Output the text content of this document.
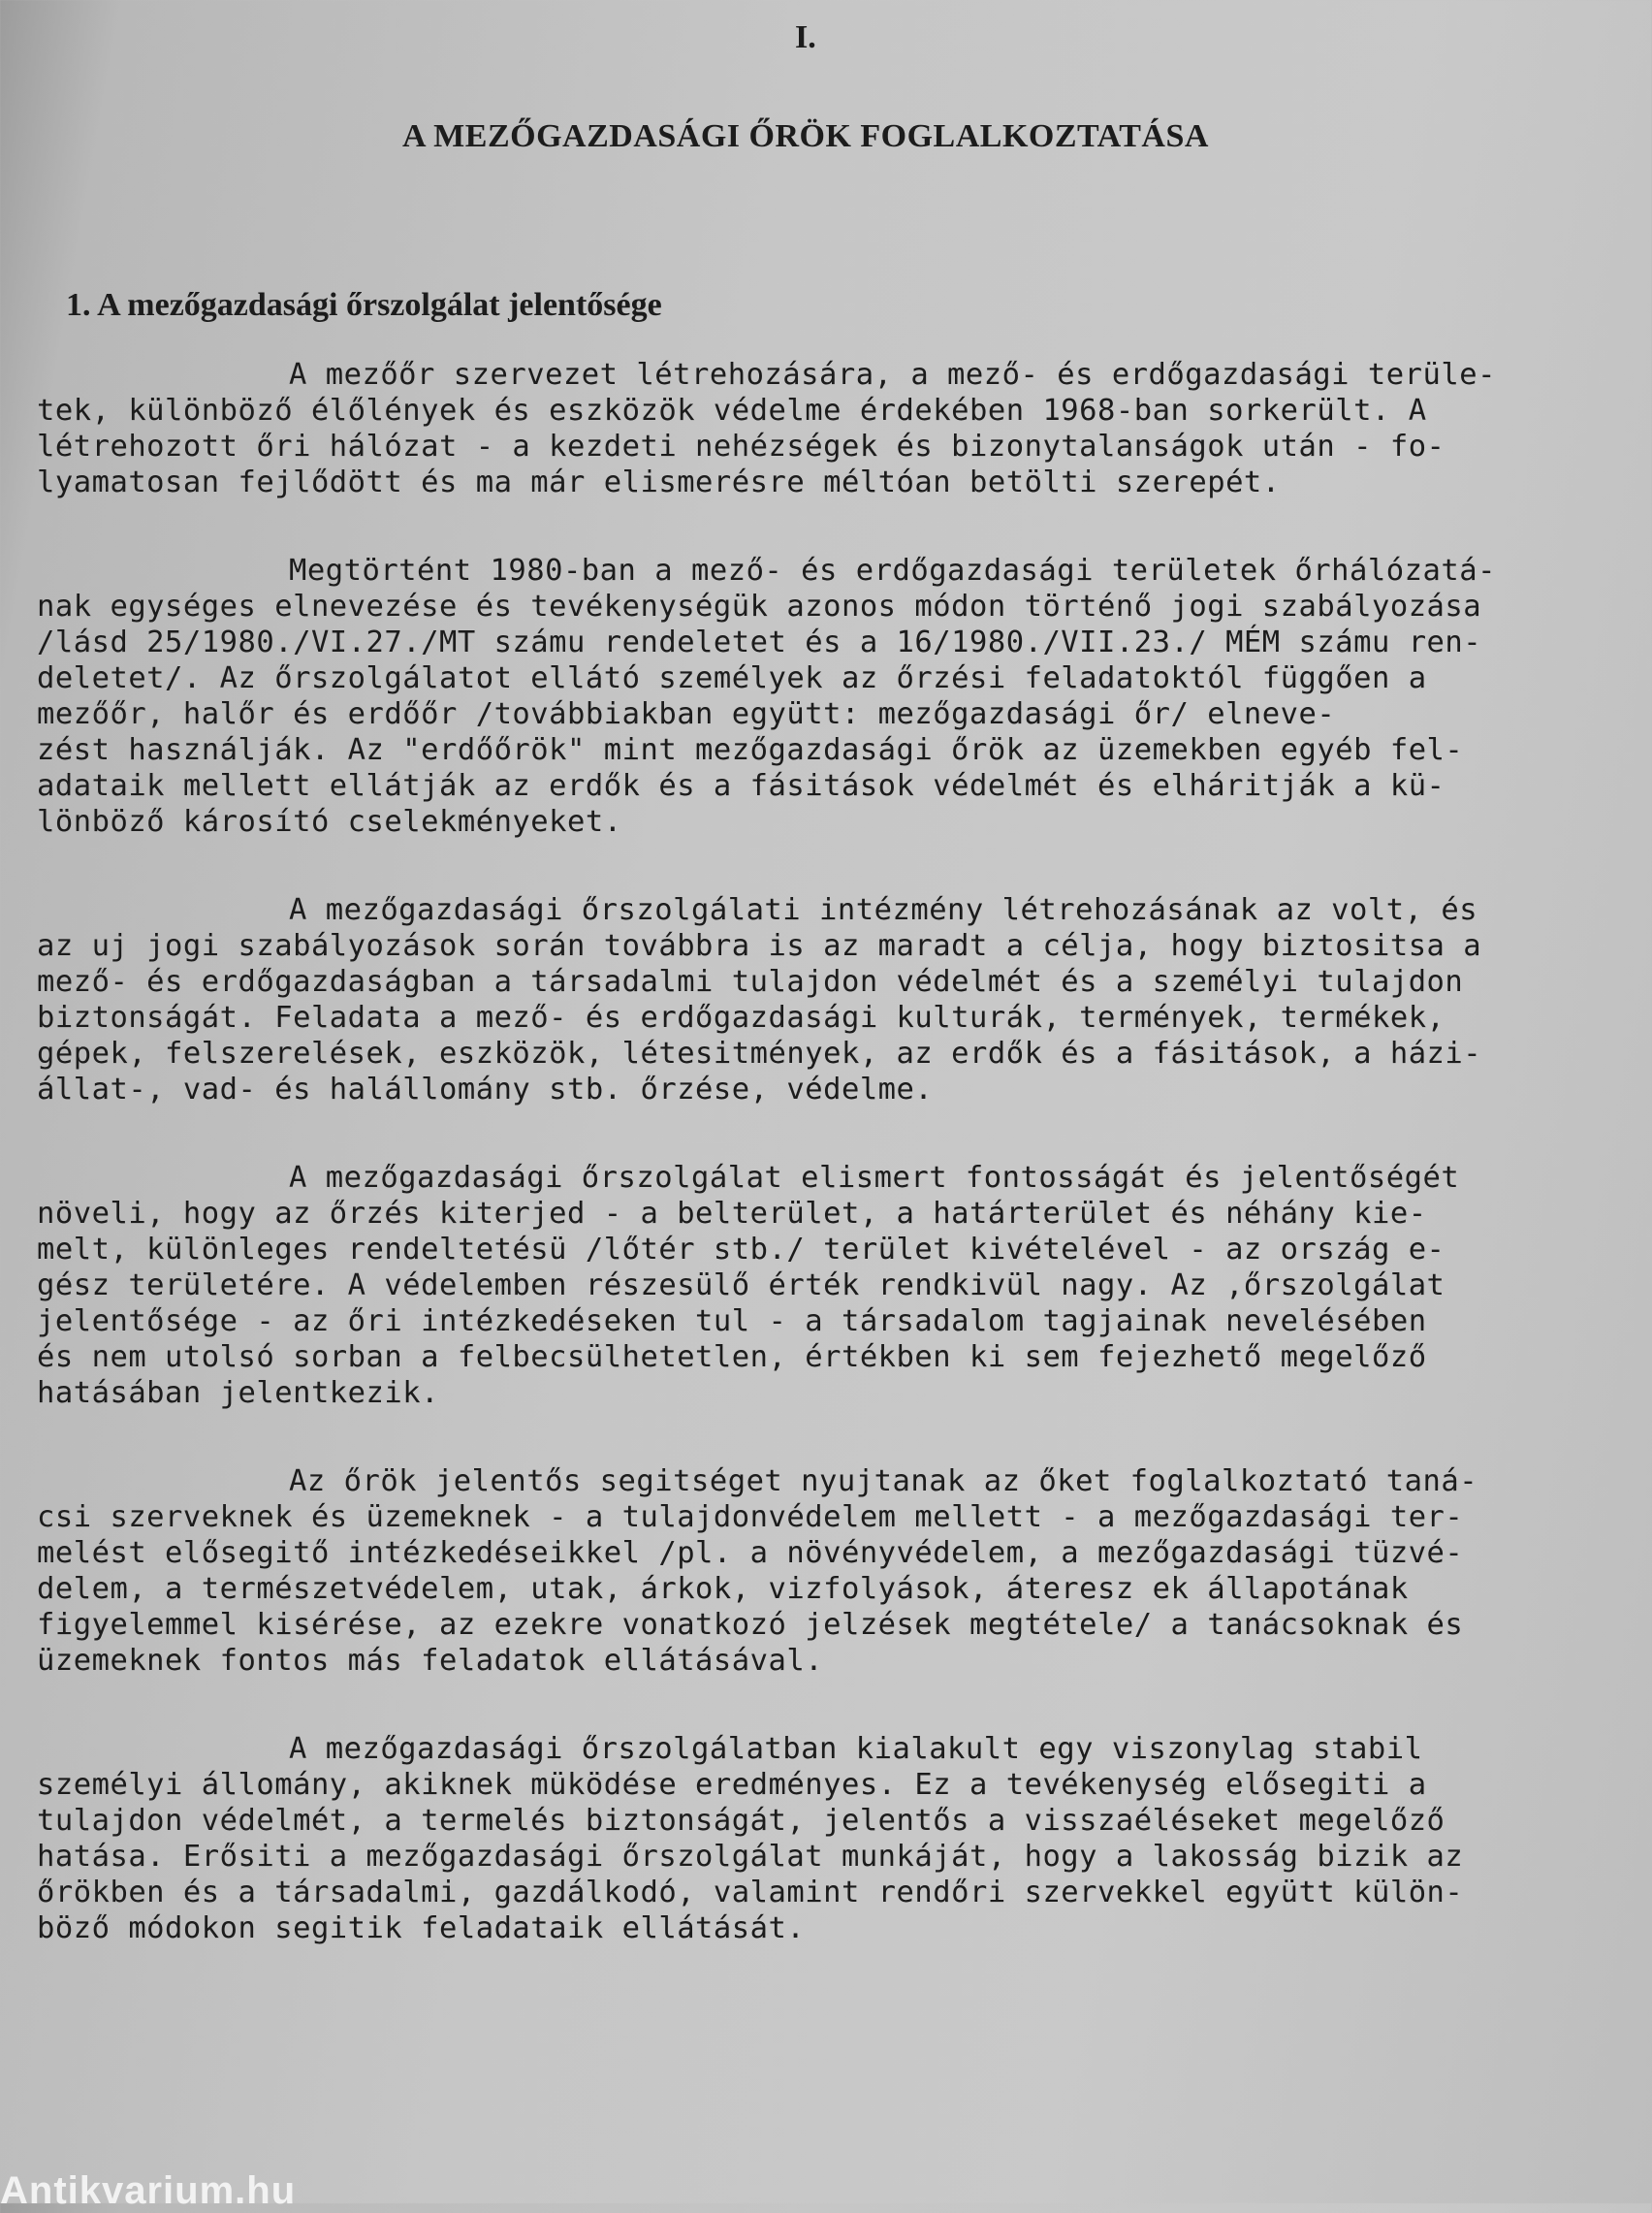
I.
A MEZŐGAZDASÁGI ŐRÖK FOGLALKOZTATÁSA
1. A mezőgazdasági őrszolgálat jelentősége
A mezőőr szervezet létrehozására, a mező- és erdőgazdasági terüle-
tek, különböző élőlények és eszközök védelme érdekében 1968-ban sorkerült. A
létrehozott őri hálózat - a kezdeti nehézségek és bizonytalanságok után - fo-
lyamatosan fejlődött és ma már elismerésre méltóan betölti szerepét.
Megtörtént 1980-ban a mező- és erdőgazdasági területek őrhálózatá-
nak egységes elnevezése és tevékenységük azonos módon történő jogi szabályozása
/lásd 25/1980./VI.27./MT számu rendeletet és a 16/1980./VII.23./ MÉM számu ren-
deletet/. Az őrszolgálatot ellátó személyek az őrzési feladatoktól függően a
mezőőr, halőr és erdőőr /továbbiakban együtt: mezőgazdasági őr/ elneve-
zést használják. Az "erdőőrök" mint mezőgazdasági őrök az üzemekben egyéb fel-
adataik mellett ellátják az erdők és a fásitások védelmét és elháritják a kü-
lönböző károsító cselekményeket.
A mezőgazdasági őrszolgálati intézmény létrehozásának az volt, és
az uj jogi szabályozások során továbbra is az maradt a célja, hogy biztositsa a
mező- és erdőgazdaságban a társadalmi tulajdon védelmét és a személyi tulajdon
biztonságát. Feladata a mező- és erdőgazdasági kulturák, termények, termékek,
gépek, felszerelések, eszközök, létesitmények, az erdők és a fásitások, a házi-
állat-, vad- és halállomány stb. őrzése, védelme.
A mezőgazdasági őrszolgálat elismert fontosságát és jelentőségét
növeli, hogy az őrzés kiterjed - a belterület, a határterület és néhány kie-
melt, különleges rendeltetésü /lőtér stb./ terület kivételével - az ország e-
gész területére. A védelemben részesülő érték rendkivül nagy. Az ,őrszolgálat
jelentősége - az őri intézkedéseken tul - a társadalom tagjainak nevelésében
és nem utolsó sorban a felbecsülhetetlen, értékben ki sem fejezhető megelőző
hatásában jelentkezik.
Az őrök jelentős segitséget nyujtanak az őket foglalkoztató taná-
csi szerveknek és üzemeknek - a tulajdonvédelem mellett - a mezőgazdasági ter-
melést elősegitő intézkedéseikkel /pl. a növényvédelem, a mezőgazdasági tüzvé-
delem, a természetvédelem, utak, árkok, vizfolyások, áteresz ek állapotának
figyelemmel kisérése, az ezekre vonatkozó jelzések megtétele/ a tanácsoknak és
üzemeknek fontos más feladatok ellátásával.
A mezőgazdasági őrszolgálatban kialakult egy viszonylag stabil
személyi állomány, akiknek müködése eredményes. Ez a tevékenység elősegiti a
tulajdon védelmét, a termelés biztonságát, jelentős a visszaéléseket megelőző
hatása. Erősiti a mezőgazdasági őrszolgálat munkáját, hogy a lakosság bizik az
őrökben és a társadalmi, gazdálkodó, valamint rendőri szervekkel együtt külön-
böző módokon segitik feladataik ellátását.
Antikvarium.hu
